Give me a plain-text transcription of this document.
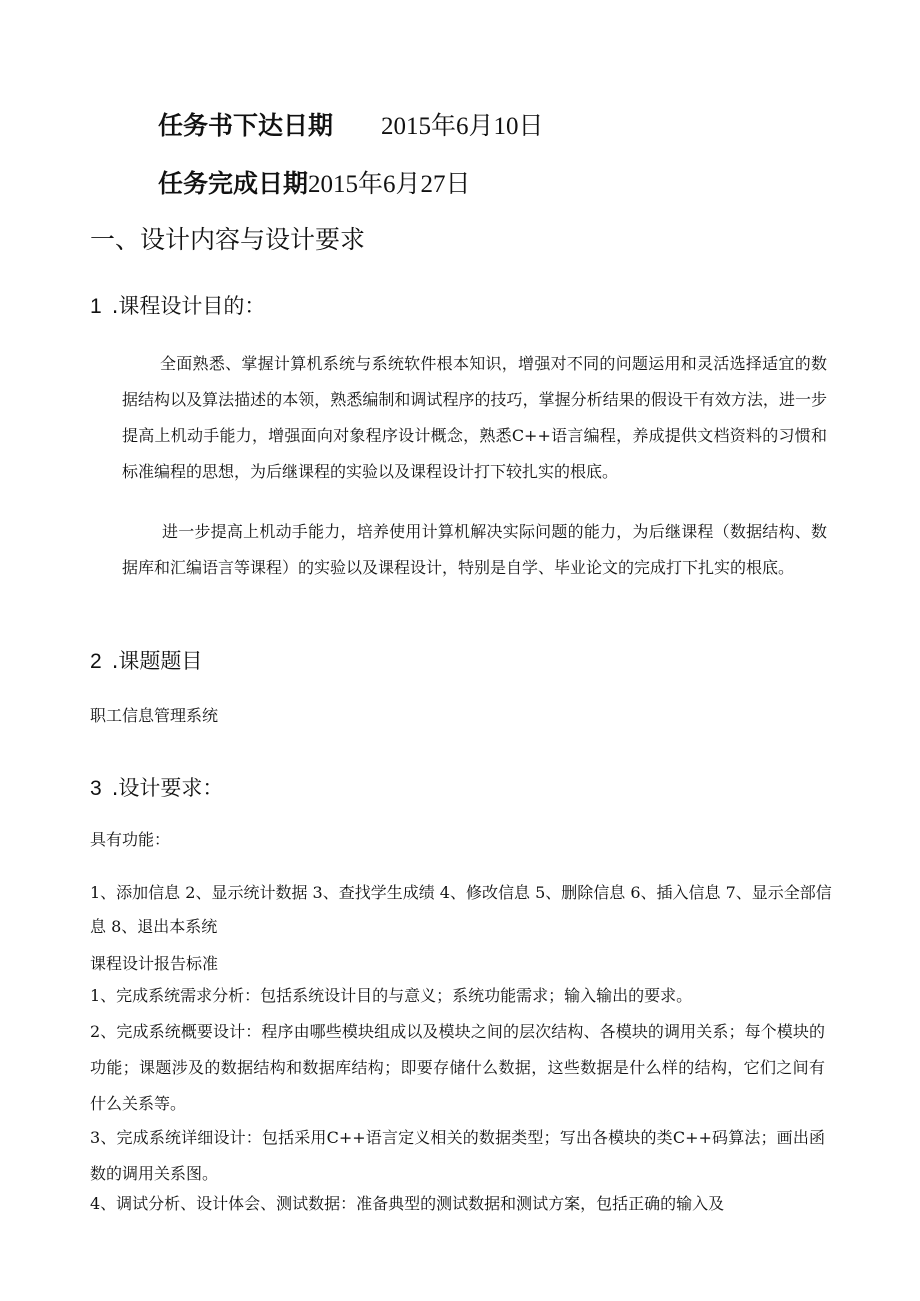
任务书下达日期 2015年6月10日
任务完成日期2015年6月27日
一、设计内容与设计要求
1 .课程设计目的：

全面熟悉、掌握计算机系统与系统软件根本知识，增强对不同的问题运用和灵活选择适宜的数据结构以及算法描述的本领，熟悉编制和调试程序的技巧，掌握分析结果的假设干有效方法，进一步提高上机动手能力，增强面向对象程序设计概念，熟悉C++语言编程，养成提供文档资料的习惯和标准编程的思想，为后继课程的实验以及课程设计打下较扎实的根底。

进一步提高上机动手能力，培养使用计算机解决实际问题的能力，为后继课程（数据结构、数据库和汇编语言等课程）的实验以及课程设计，特别是自学、毕业论文的完成打下扎实的根底。

2 .课题题目

职工信息管理系统

3 .设计要求：

具有功能：

1、添加信息 2、显示统计数据 3、查找学生成绩 4、修改信息 5、删除信息 6、插入信息 7、显示全部信息 8、退出本系统

课程设计报告标准

1、完成系统需求分析：包括系统设计目的与意义；系统功能需求；输入输出的要求。

2、完成系统概要设计：程序由哪些模块组成以及模块之间的层次结构、各模块的调用关系；每个模块的功能；课题涉及的数据结构和数据库结构；即要存储什么数据，这些数据是什么样的结构，它们之间有什么关系等。

3、完成系统详细设计：包括采用C++语言定义相关的数据类型；写出各模块的类C++码算法；画出函数的调用关系图。

4、调试分析、设计体会、测试数据：准备典型的测试数据和测试方案，包括正确的输入及
